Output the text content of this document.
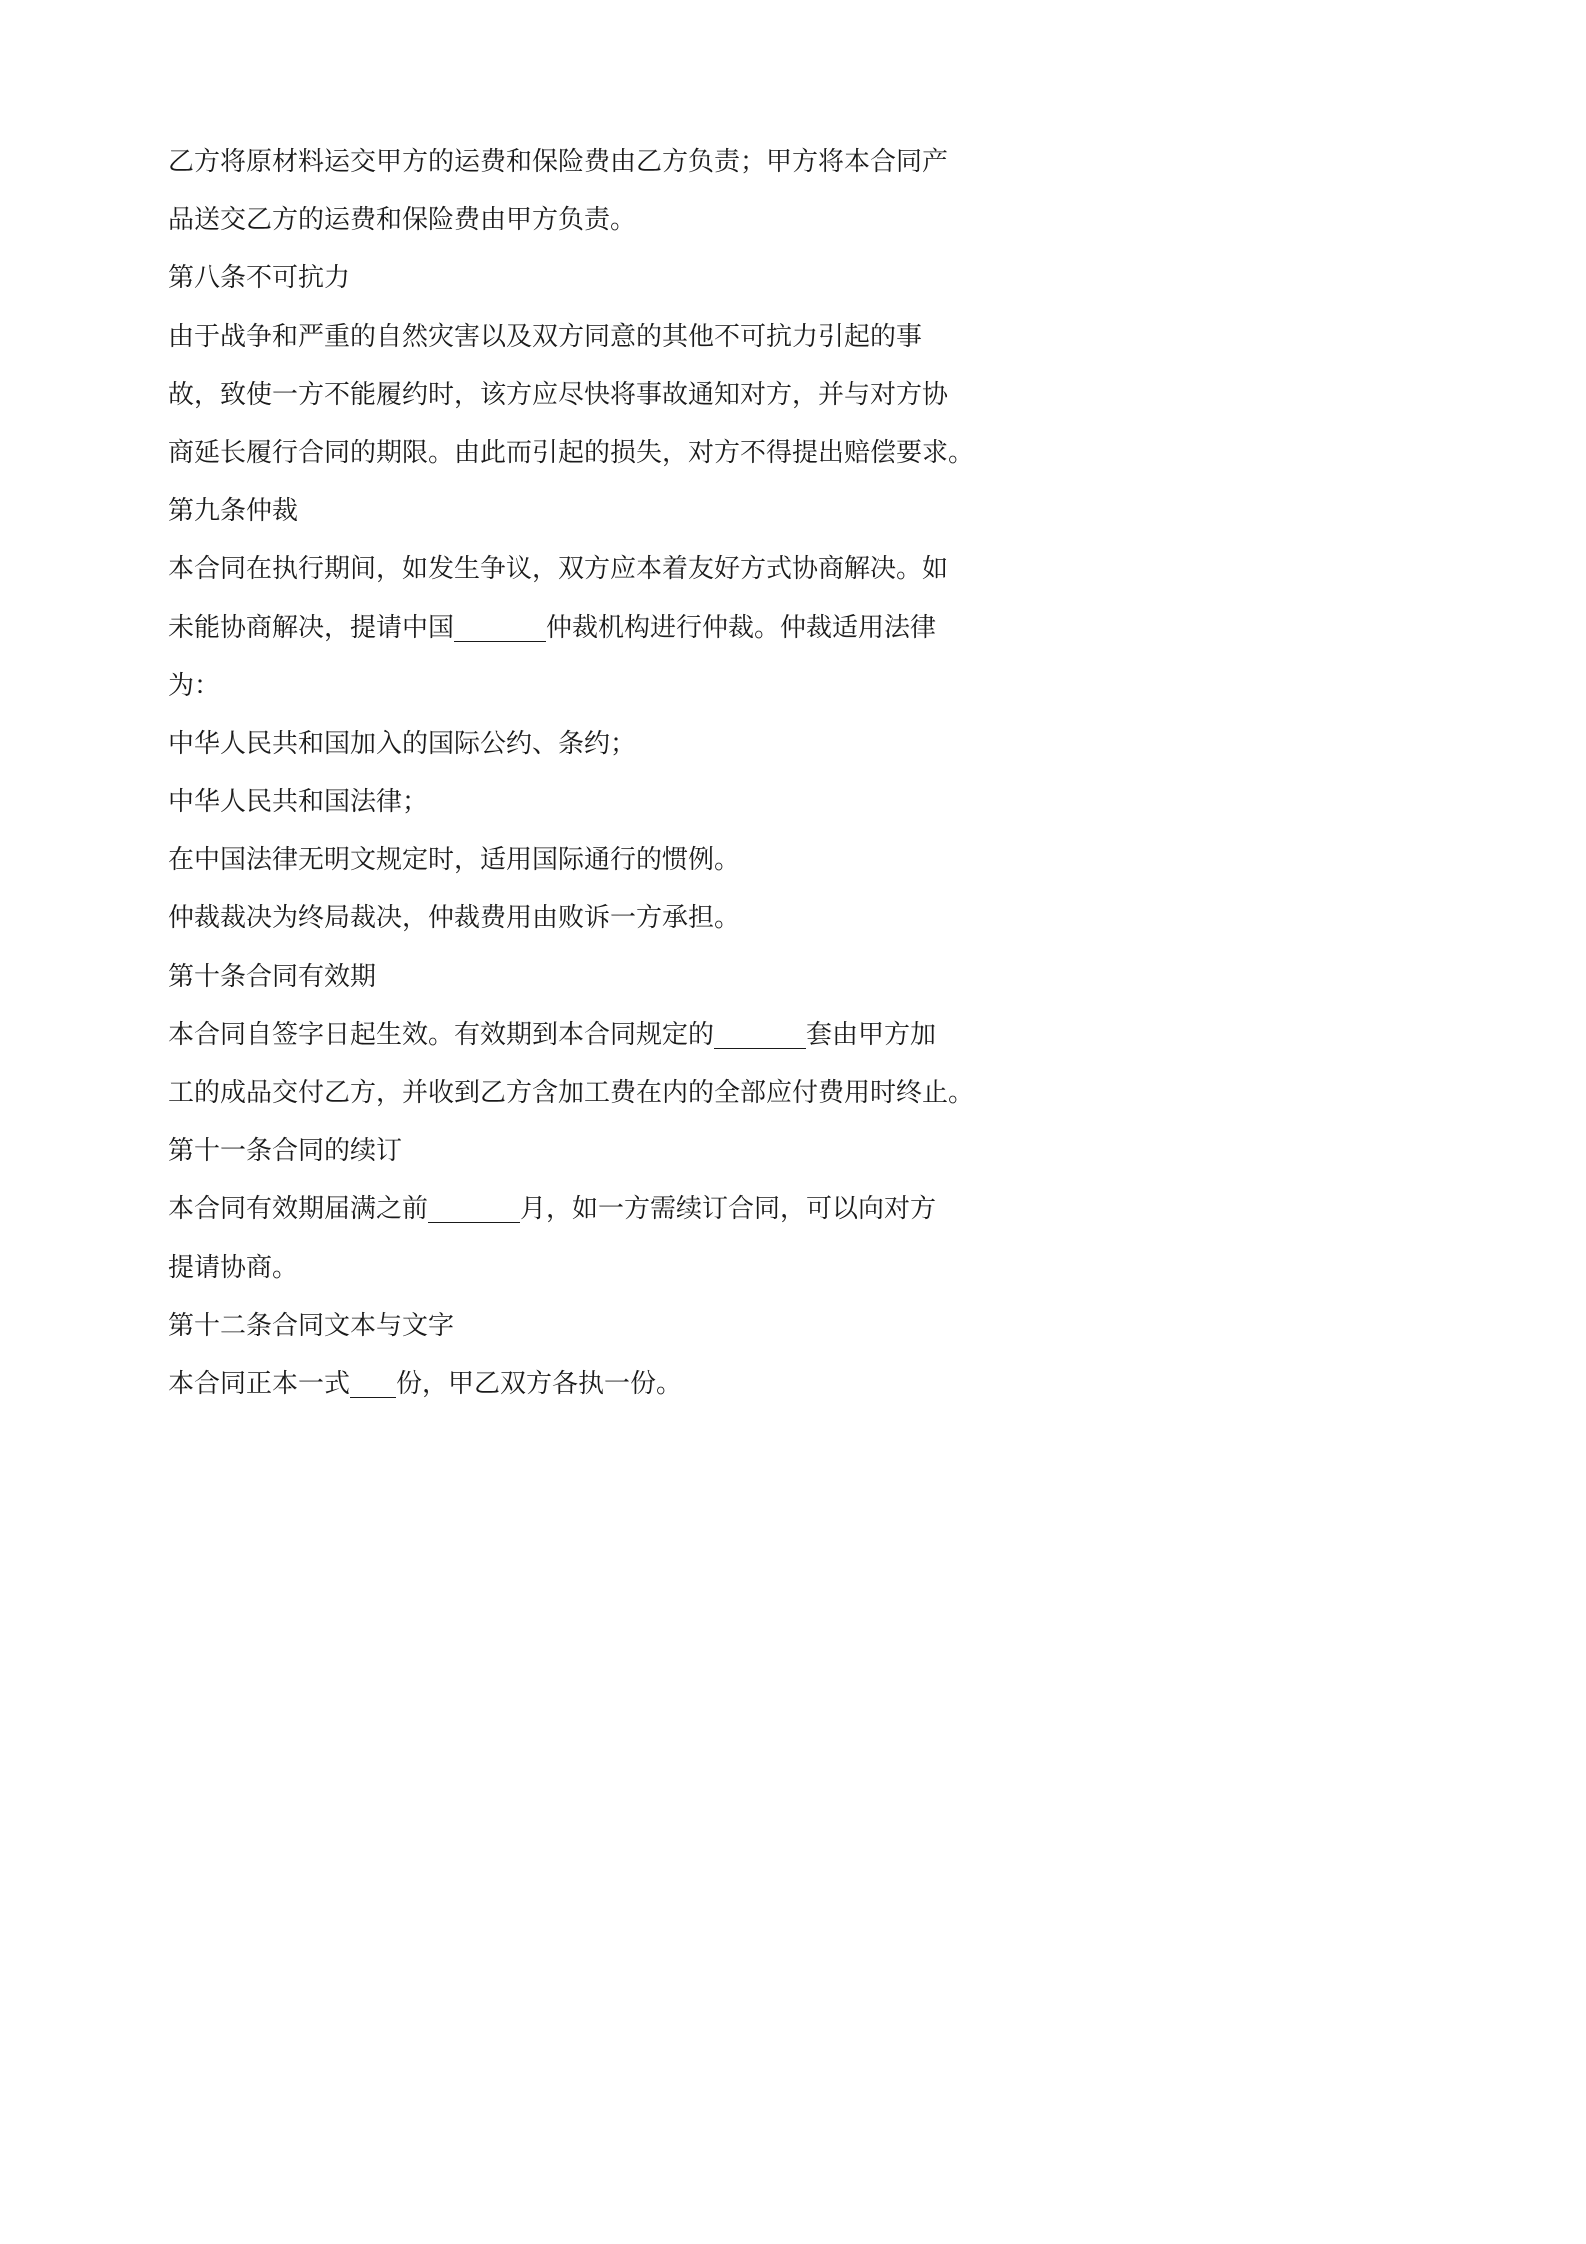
乙方将原材料运交甲方的运费和保险费由乙方负责；甲方将本合同产
品送交乙方的运费和保险费由甲方负责。
第八条不可抗力
由于战争和严重的自然灾害以及双方同意的其他不可抗力引起的事
故，致使一方不能履约时，该方应尽快将事故通知对方，并与对方协
商延长履行合同的期限。由此而引起的损失，对方不得提出赔偿要求。
第九条仲裁
本合同在执行期间，如发生争议，双方应本着友好方式协商解决。如
未能协商解决，提请中国	仲裁机构进行仲裁。仲裁适用法律
为：
中华人民共和国加入的国际公约、条约；
中华人民共和国法律；
在中国法律无明文规定时，适用国际通行的惯例。
仲裁裁决为终局裁决，仲裁费用由败诉一方承担。
第十条合同有效期
本合同自签字日起生效。有效期到本合同规定的	套由甲方加
工的成品交付乙方，并收到乙方含加工费在内的全部应付费用时终止。
第十一条合同的续订
本合同有效期届满之前	月，如一方需续订合同，可以向对方
提请协商。
第十二条合同文本与文字
本合同正本一式 份，甲乙双方各执一份。
